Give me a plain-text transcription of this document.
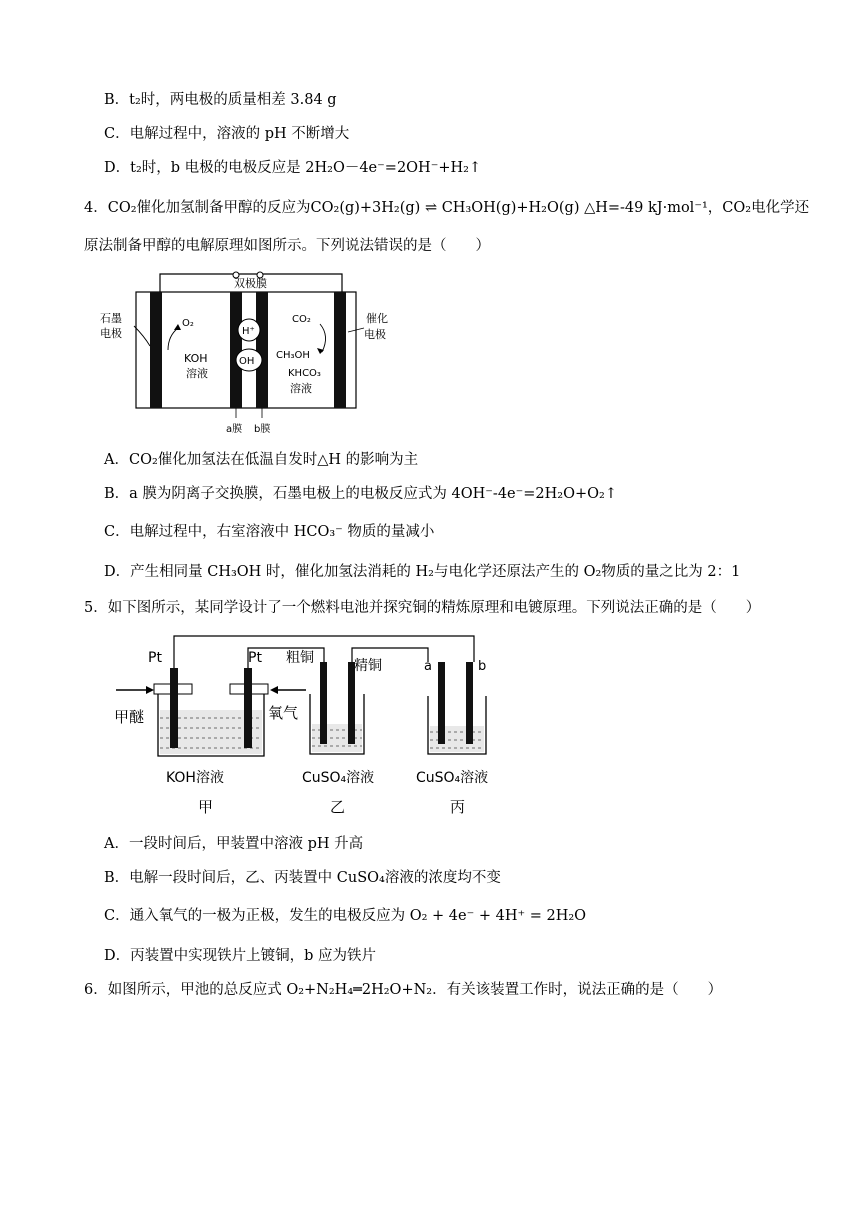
B．t₂时，两电极的质量相差 3.84 g
C．电解过程中，溶液的 pH 不断增大
D．t₂时，b 电极的电极反应是 2H₂O－4e⁻=2OH⁻+H₂↑
4．CO₂催化加氢制备甲醇的反应为CO₂(g)+3H₂(g) ⇌ CH₃OH(g)+H₂O(g) △H=-49 kJ·mol⁻¹，CO₂电化学还
原法制备甲醇的电解原理如图所示。下列说法错误的是（　　）
双极膜
H⁺
OH
石墨
电极
O₂
KOH
溶液
CO₂
CH₃OH
KHCO₃
溶液
催化
电极
a膜 b膜
A．CO₂催化加氢法在低温自发时△H 的影响为主
B．a 膜为阴离子交换膜，石墨电极上的电极反应式为 4OH⁻-4e⁻=2H₂O+O₂↑
C．电解过程中，右室溶液中 HCO₃⁻ 物质的量减小
D．产生相同量 CH₃OH 时，催化加氢法消耗的 H₂与电化学还原法产生的 O₂物质的量之比为 2：1
5．如下图所示，某同学设计了一个燃料电池并探究铜的精炼原理和电镀原理。下列说法正确的是（　　）
Pt	Pt
甲醚	氧气
KOH溶液
甲
粗铜	精铜
CuSO₄溶液
乙
a	b
CuSO₄溶液
丙
A．一段时间后，甲装置中溶液 pH 升高
B．电解一段时间后，乙、丙装置中 CuSO₄溶液的浓度均不变
C．通入氧气的一极为正极，发生的电极反应为 O₂ + 4e⁻ + 4H⁺ = 2H₂O
D．丙装置中实现铁片上镀铜，b 应为铁片
6．如图所示，甲池的总反应式 O₂+N₂H₄═2H₂O+N₂．有关该装置工作时，说法正确的是（　　）
